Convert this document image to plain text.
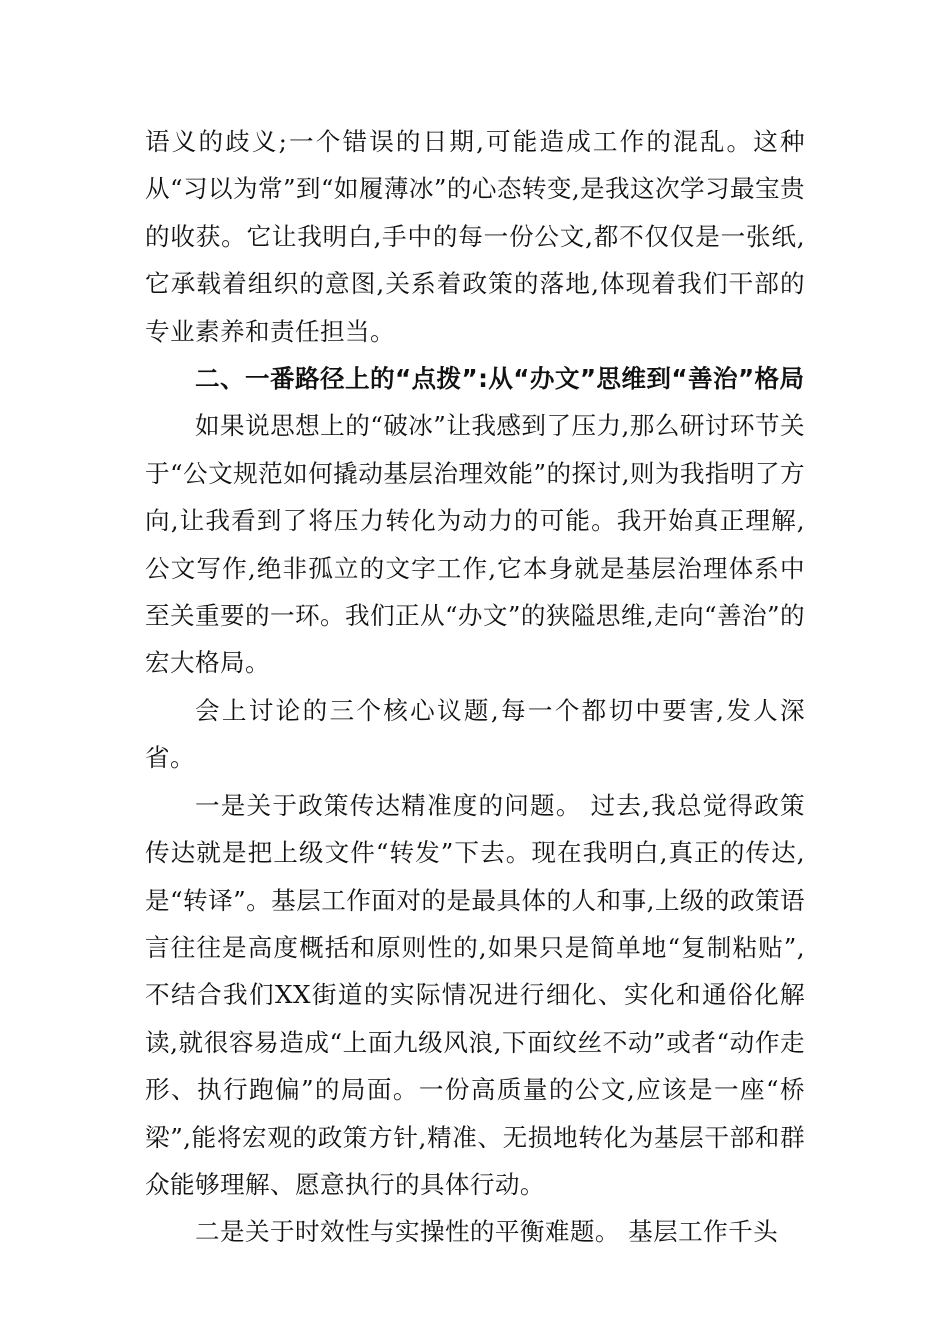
语义的歧义;一个错误的日期,可能造成工作的混乱。这种从“习以为常”到“如履薄冰”的心态转变,是我这次学习最宝贵的收获。它让我明白,手中的每一份公文,都不仅仅是一张纸,它承载着组织的意图,关系着政策的落地,体现着我们干部的专业素养和责任担当。

二、一番路径上的“点拨”:从“办文”思维到“善治”格局

如果说思想上的“破冰”让我感到了压力,那么研讨环节关于“公文规范如何撬动基层治理效能”的探讨,则为我指明了方向,让我看到了将压力转化为动力的可能。我开始真正理解,公文写作,绝非孤立的文字工作,它本身就是基层治理体系中至关重要的一环。我们正从“办文”的狭隘思维,走向“善治”的宏大格局。

会上讨论的三个核心议题,每一个都切中要害,发人深省。

一是关于政策传达精准度的问题。 过去,我总觉得政策传达就是把上级文件“转发”下去。现在我明白,真正的传达,是“转译”。基层工作面对的是最具体的人和事,上级的政策语言往往是高度概括和原则性的,如果只是简单地“复制粘贴”,不结合我们XX街道的实际情况进行细化、实化和通俗化解读,就很容易造成“上面九级风浪,下面纹丝不动”或者“动作走形、执行跑偏”的局面。一份高质量的公文,应该是一座“桥梁”,能将宏观的政策方针,精准、无损地转化为基层干部和群众能够理解、愿意执行的具体行动。

二是关于时效性与实操性的平衡难题。 基层工作千头
